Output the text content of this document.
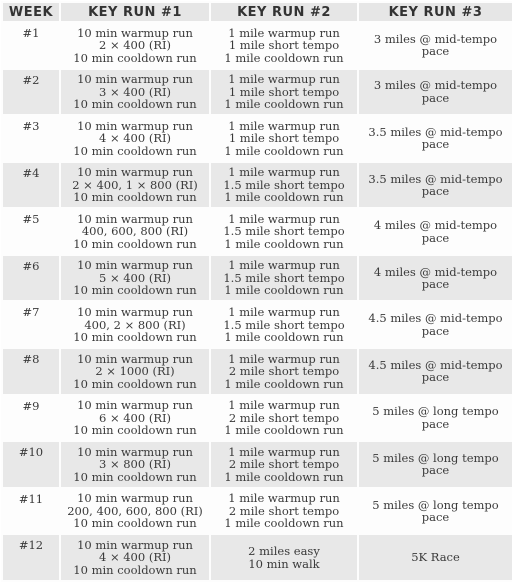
WEEK	KEY RUN #1	KEY RUN #2	KEY RUN #3
#1	10 min warmup run
2 × 400 (RI)
10 min cooldown run	1 mile warmup run
1 mile short tempo
1 mile cooldown run	3 miles @ mid-tempo
pace

#2	10 min warmup run
3 × 400 (RI)
10 min cooldown run	1 mile warmup run
1 mile short tempo
1 mile cooldown run	3 miles @ mid-tempo
pace

#3	10 min warmup run
4 × 400 (RI)
10 min cooldown run	1 mile warmup run
1 mile short tempo
1 mile cooldown run	3.5 miles @ mid-tempo
pace

#4	10 min warmup run
2 × 400, 1 × 800 (RI)
10 min cooldown run	1 mile warmup run
1.5 mile short tempo
1 mile cooldown run	3.5 miles @ mid-tempo
pace

#5	10 min warmup run
400, 600, 800 (RI)
10 min cooldown run	1 mile warmup run
1.5 mile short tempo
1 mile cooldown run	4 miles @ mid-tempo
pace

#6	10 min warmup run
5 × 400 (RI)
10 min cooldown run	1 mile warmup run
1.5 mile short tempo
1 mile cooldown run	4 miles @ mid-tempo
pace

#7	10 min warmup run
400, 2 × 800 (RI)
10 min cooldown run	1 mile warmup run
1.5 mile short tempo
1 mile cooldown run	4.5 miles @ mid-tempo
pace

#8	10 min warmup run
2 × 1000 (RI)
10 min cooldown run	1 mile warmup run
2 mile short tempo
1 mile cooldown run	4.5 miles @ mid-tempo
pace

#9	10 min warmup run
6 × 400 (RI)
10 min cooldown run	1 mile warmup run
2 mile short tempo
1 mile cooldown run	5 miles @ long tempo
pace

#10	10 min warmup run
3 × 800 (RI)
10 min cooldown run	1 mile warmup run
2 mile short tempo
1 mile cooldown run	5 miles @ long tempo
pace

#11	10 min warmup run
200, 400, 600, 800 (RI)
10 min cooldown run	1 mile warmup run
2 mile short tempo
1 mile cooldown run	5 miles @ long tempo
pace

#12	10 min warmup run
4 × 400 (RI)
10 min cooldown run	2 miles easy
10 min walk	5K Race
